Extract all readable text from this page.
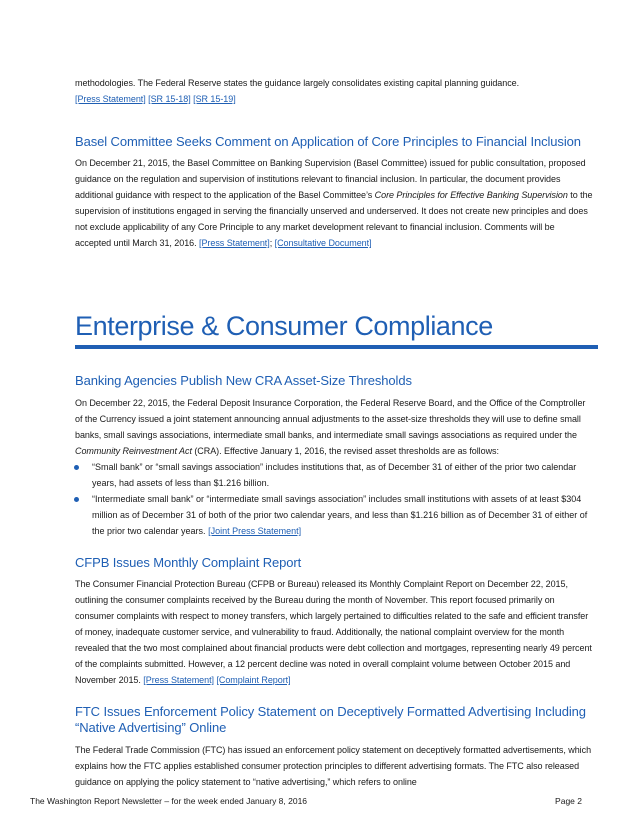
methodologies. The Federal Reserve states the guidance largely consolidates existing capital planning guidance.
[Press Statement] [SR 15-18] [SR 15-19]

Basel Committee Seeks Comment on Application of Core Principles to Financial Inclusion

On December 21, 2015, the Basel Committee on Banking Supervision (Basel Committee) issued for public consultation, proposed guidance on the regulation and supervision of institutions relevant to financial inclusion. In particular, the document provides additional guidance with respect to the application of the Basel Committee’s Core Principles for Effective Banking Supervision to the supervision of institutions engaged in serving the financially unserved and underserved. It does not create new principles and does not exclude applicability of any Core Principle to any market development relevant to financial inclusion. Comments will be accepted until March 31, 2016. [Press Statement]; [Consultative Document]

Enterprise & Consumer Compliance
Banking Agencies Publish New CRA Asset-Size Thresholds

On December 22, 2015, the Federal Deposit Insurance Corporation, the Federal Reserve Board, and the Office of the Comptroller of the Currency issued a joint statement announcing annual adjustments to the asset-size thresholds they will use to define small banks, small savings associations, intermediate small banks, and intermediate small savings associations as required under the Community Reinvestment Act (CRA). Effective January 1, 2016, the revised asset thresholds are as follows:

“Small bank” or “small savings association” includes institutions that, as of December 31 of either of the prior two calendar years, had assets of less than $1.216 billion.
“Intermediate small bank” or “intermediate small savings association” includes small institutions with assets of at least $304 million as of December 31 of both of the prior two calendar years, and less than $1.216 billion as of December 31 of either of the prior two calendar years. [Joint Press Statement]
CFPB Issues Monthly Complaint Report

The Consumer Financial Protection Bureau (CFPB or Bureau) released its Monthly Complaint Report on December 22, 2015, outlining the consumer complaints received by the Bureau during the month of November. This report focused primarily on consumer complaints with respect to money transfers, which largely pertained to difficulties related to the safe and efficient transfer of money, inadequate customer service, and vulnerability to fraud. Additionally, the national complaint overview for the month revealed that the two most complained about financial products were debt collection and mortgages, representing nearly 49 percent of the complaints submitted. However, a 12 percent decline was noted in overall complaint volume between October 2015 and November 2015. [Press Statement] [Complaint Report]

FTC Issues Enforcement Policy Statement on Deceptively Formatted Advertising Including “Native Advertising” Online

The Federal Trade Commission (FTC) has issued an enforcement policy statement on deceptively formatted advertisements, which explains how the FTC applies established consumer protection principles to different advertising formats. The FTC also released guidance on applying the policy statement to “native advertising,” which refers to online

The Washington Report Newsletter – for the week ended January 8, 2016	Page 2
